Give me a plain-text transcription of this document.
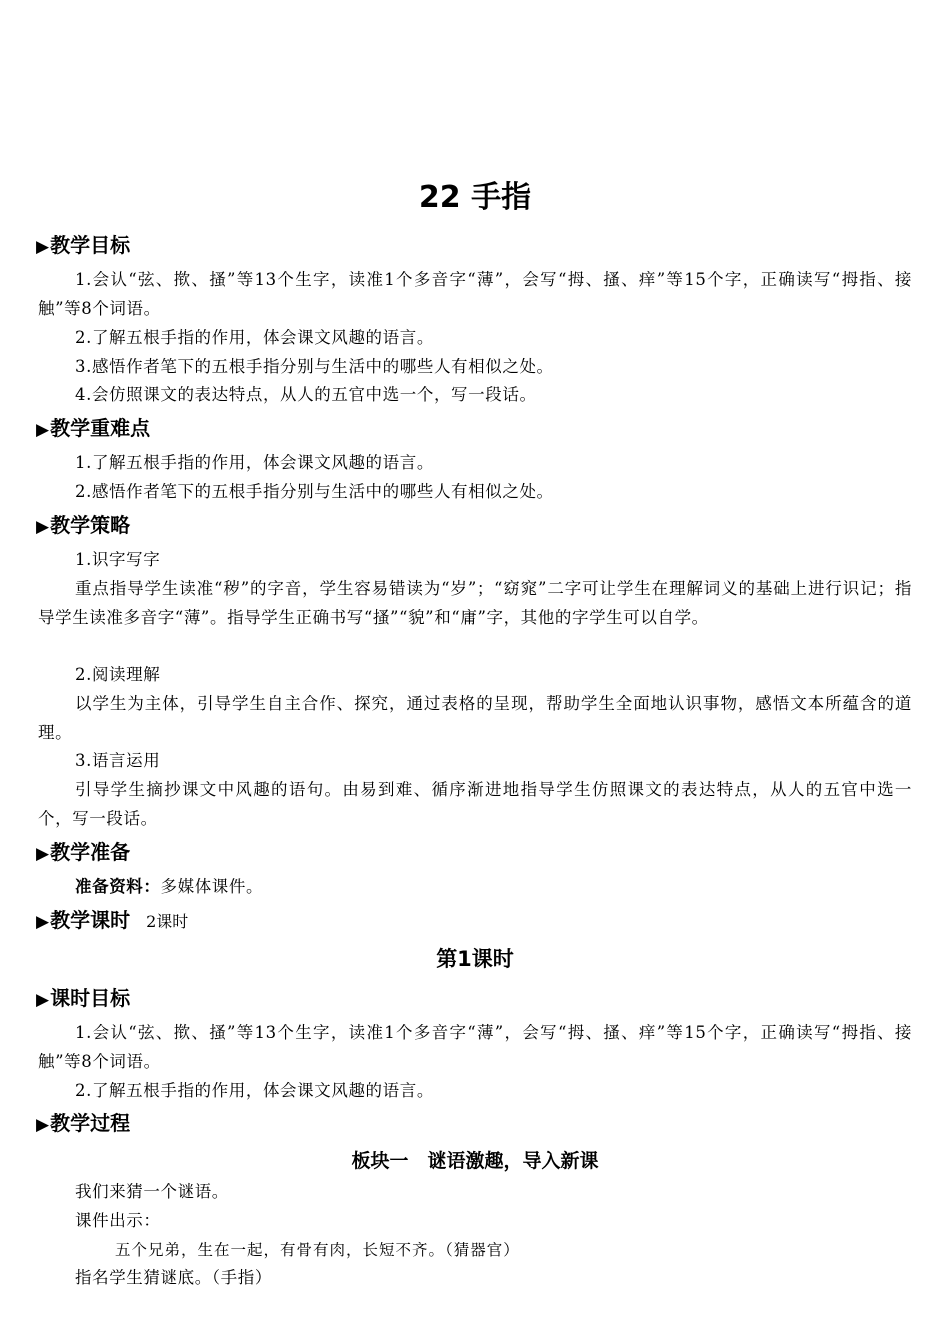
22 手指
▶教学目标
1.会认“弦、揿、搔”等13个生字，读准1个多音字“薄”，会写“拇、搔、痒”等15个字，正确读写“拇指、接触”等8个词语。
2.了解五根手指的作用，体会课文风趣的语言。
3.感悟作者笔下的五根手指分别与生活中的哪些人有相似之处。
4.会仿照课文的表达特点，从人的五官中选一个，写一段话。
▶教学重难点
1.了解五根手指的作用，体会课文风趣的语言。
2.感悟作者笔下的五根手指分别与生活中的哪些人有相似之处。
▶教学策略
1.识字写字
重点指导学生读准“秽”的字音，学生容易错读为“岁”；“窈窕”二字可让学生在理解词义的基础上进行识记；指导学生读准多音字“薄”。指导学生正确书写“搔”“貌”和“庸”字，其他的字学生可以自学。
2.阅读理解
以学生为主体，引导学生自主合作、探究，通过表格的呈现，帮助学生全面地认识事物，感悟文本所蕴含的道理。
3.语言运用
引导学生摘抄课文中风趣的语句。由易到难、循序渐进地指导学生仿照课文的表达特点，从人的五官中选一个，写一段话。
▶教学准备
准备资料：多媒体课件。
▶教学课时 2课时
第1课时
▶课时目标
1.会认“弦、揿、搔”等13个生字，读准1个多音字“薄”，会写“拇、搔、痒”等15个字，正确读写“拇指、接触”等8个词语。
2.了解五根手指的作用，体会课文风趣的语言。
▶教学过程
板块一　谜语激趣，导入新课
我们来猜一个谜语。
课件出示：
五个兄弟，生在一起，有骨有肉，长短不齐。（猜器官）
指名学生猜谜底。（手指）
